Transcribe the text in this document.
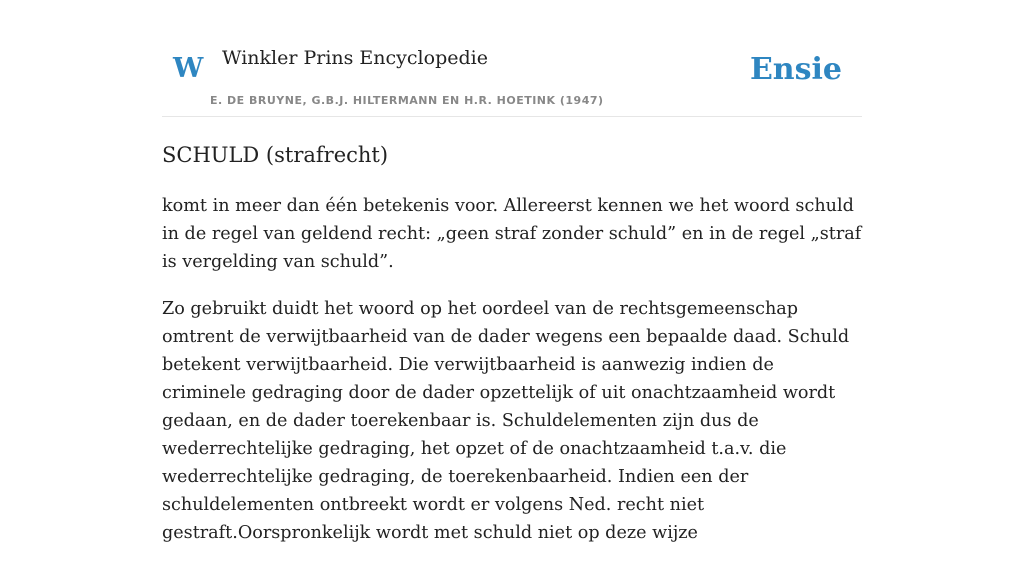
W Winkler Prins Encyclopedie
E. DE BRUYNE, G.B.J. HILTERMANN EN H.R. HOETINK (1947)
Ensie
SCHULD (strafrecht)

komt in meer dan één betekenis voor. Allereerst kennen we het woord schuld in de regel van geldend recht: „geen straf zonder schuld” en in de regel „straf is vergelding van schuld”.

Zo gebruikt duidt het woord op het oordeel van de rechtsgemeenschap omtrent de verwijtbaarheid van de dader wegens een bepaalde daad. Schuld betekent verwijtbaarheid. Die verwijtbaarheid is aanwezig indien de criminele gedraging door de dader opzettelijk of uit onachtzaamheid wordt gedaan, en de dader toerekenbaar is. Schuldelementen zijn dus de wederrechtelijke gedraging, het opzet of de onachtzaamheid t.a.v. die wederrechtelijke gedraging, de toerekenbaarheid. Indien een der schuldelementen ontbreekt wordt er volgens Ned. recht niet gestraft.Oorspronkelijk wordt met schuld niet op deze wijze
